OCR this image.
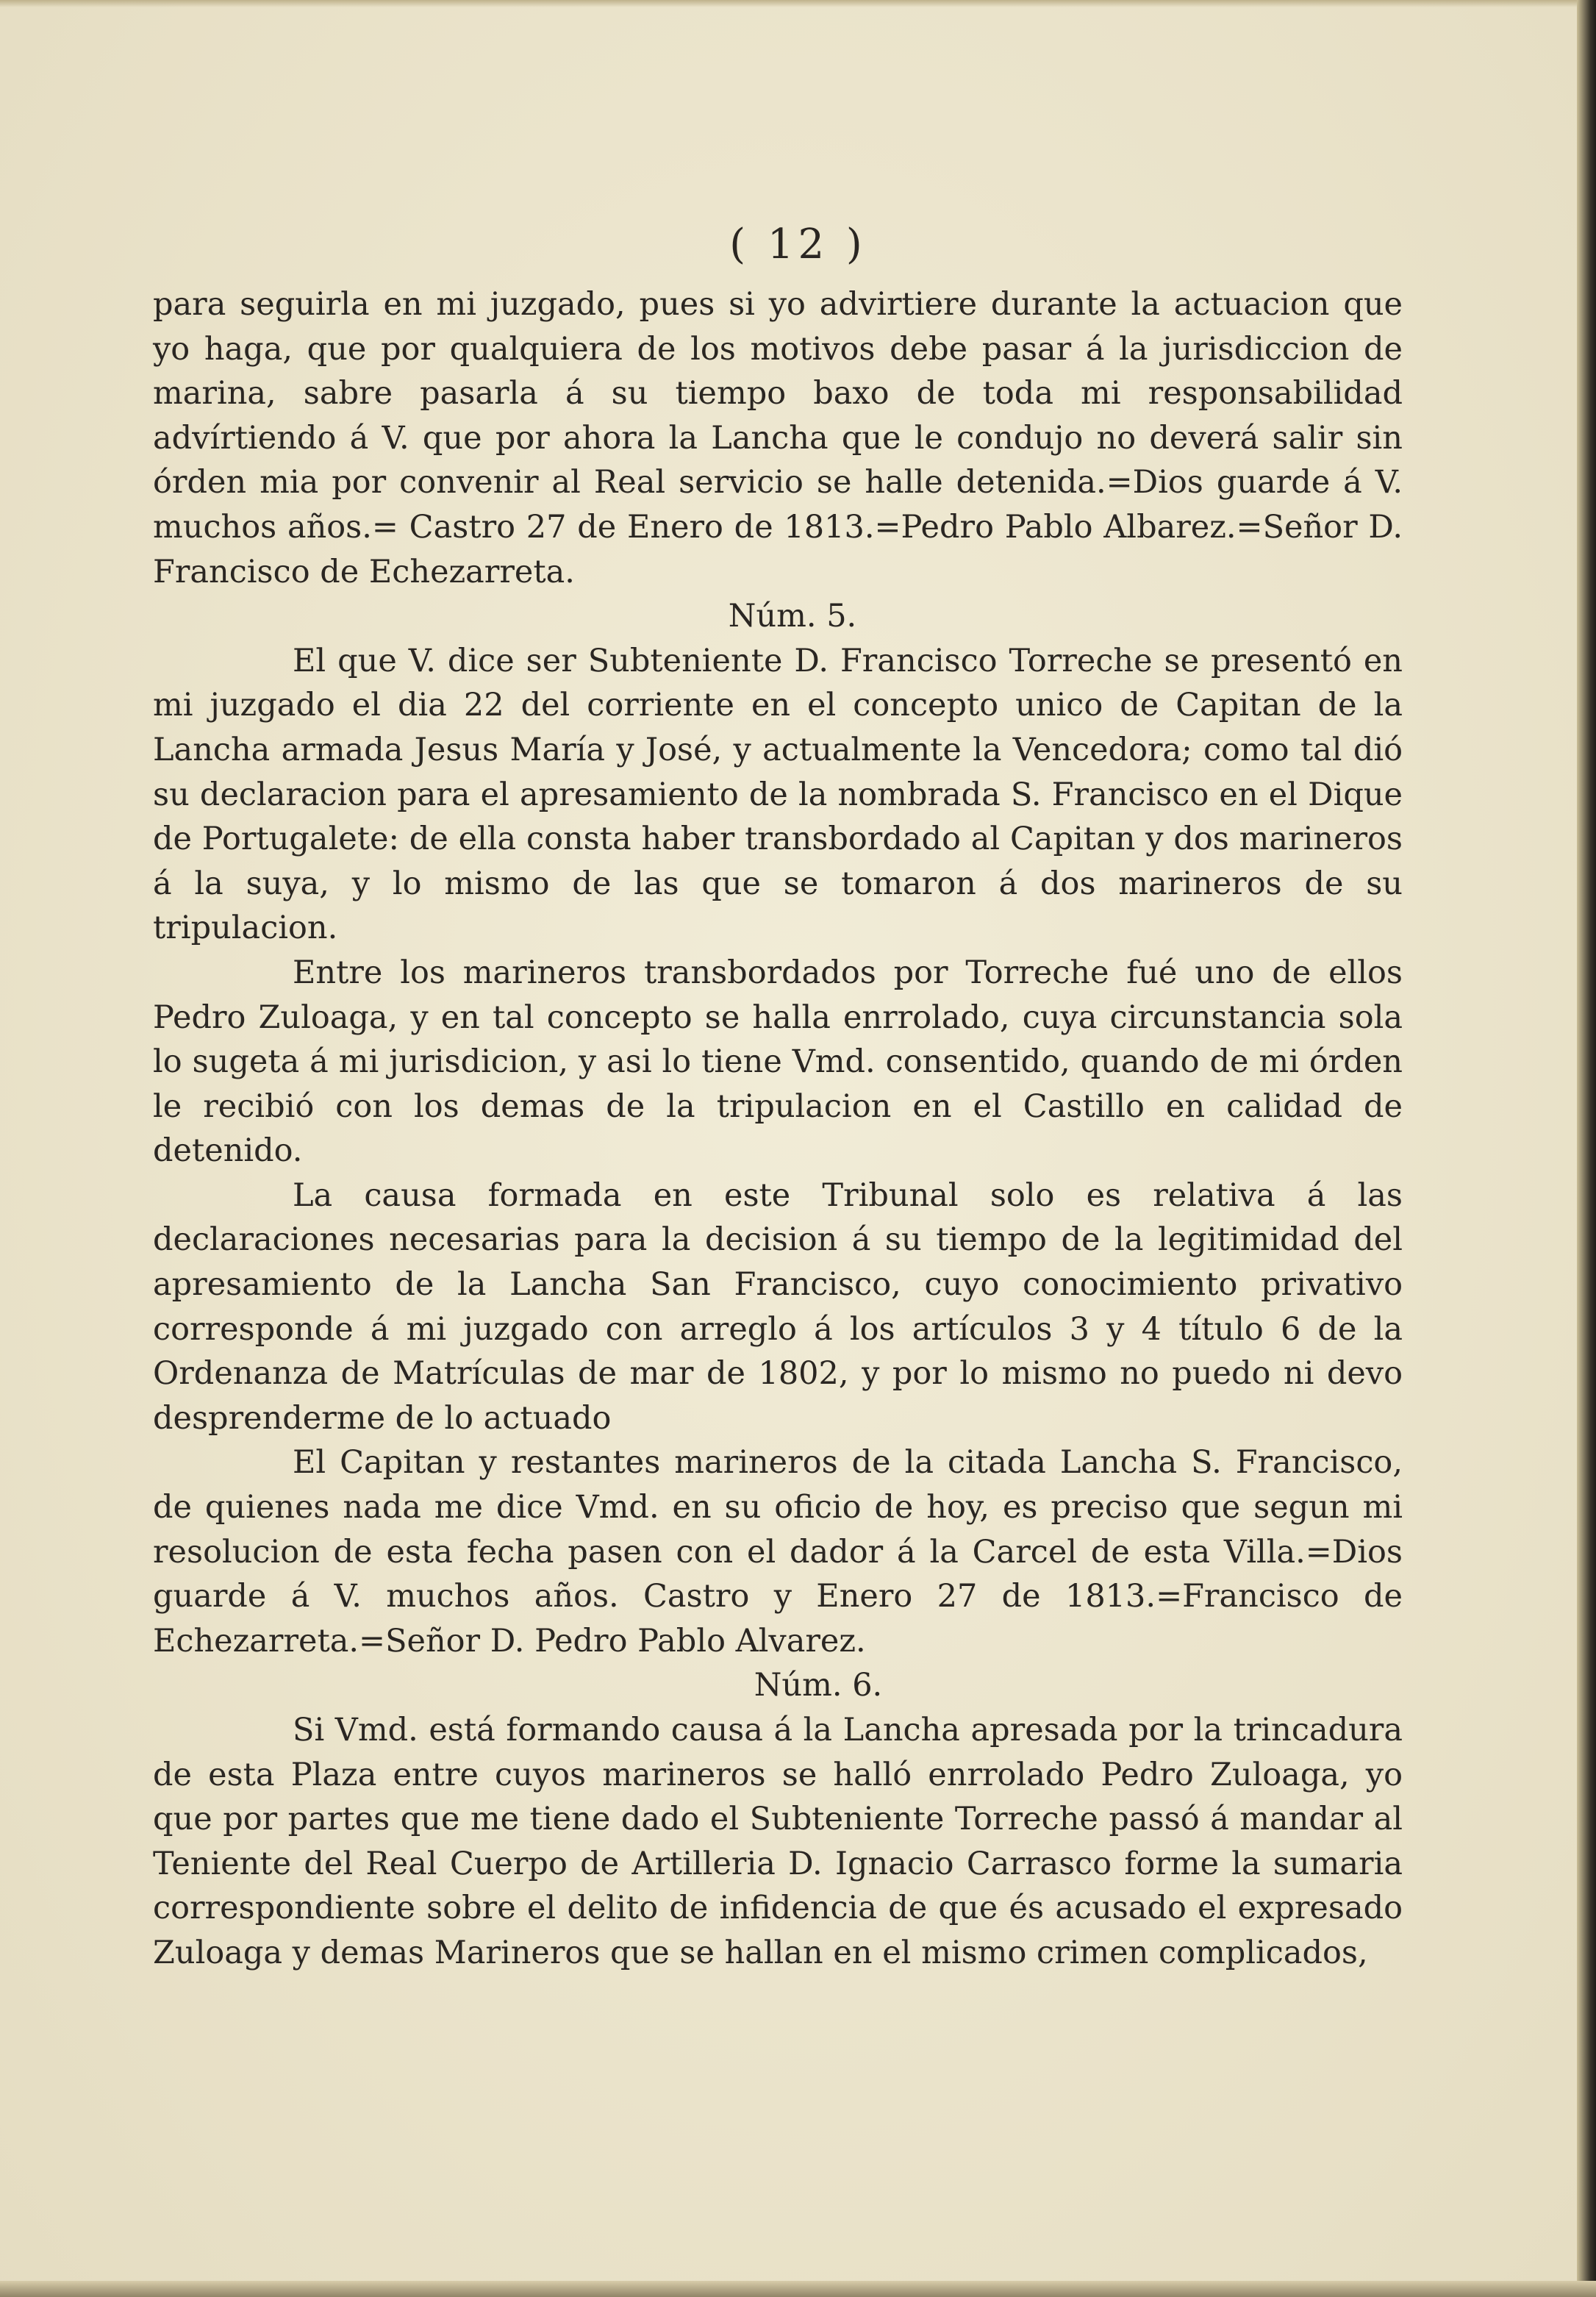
( 12 )

para seguirla en mi juzgado, pues si yo advirtiere durante la actuacion que yo haga, que por qualquiera de los motivos debe pasar á la jurisdiccion de marina, sabre pasarla á su tiempo baxo de toda mi responsabilidad advírtiendo á V. que por ahora la Lancha que le condujo no deverá salir sin órden mia por convenir al Real servicio se halle detenida.=Dios guarde á V. muchos años.= Castro 27 de Enero de 1813.=Pedro Pablo Albarez.=Señor D. Francisco de Echezarreta.

Núm. 5.

El que V. dice ser Subteniente D. Francisco Torreche se presentó en mi juzgado el dia 22 del corriente en el concepto unico de Capitan de la Lancha armada Jesus María y José, y actualmente la Vencedora; como tal dió su declaracion para el apresamiento de la nombrada S. Francisco en el Dique de Portugalete: de ella consta haber transbordado al Capitan y dos marineros á la suya, y lo mismo de las que se tomaron á dos marineros de su tripulacion.

Entre los marineros transbordados por Torreche fué uno de ellos Pedro Zuloaga, y en tal concepto se halla enrrolado, cuya circunstancia sola lo sugeta á mi jurisdicion, y asi lo tiene Vmd. consentido, quando de mi órden le recibió con los demas de la tripulacion en el Castillo en calidad de detenido.

La causa formada en este Tribunal solo es relativa á las declaraciones necesarias para la decision á su tiempo de la legitimidad del apresamiento de la Lancha San Francisco, cuyo conocimiento privativo corresponde á mi juzgado con arreglo á los artículos 3 y 4 título 6 de la Ordenanza de Matrículas de mar de 1802, y por lo mismo no puedo ni devo desprenderme de lo actuado

El Capitan y restantes marineros de la citada Lancha S. Francisco, de quienes nada me dice Vmd. en su oficio de hoy, es preciso que segun mi resolucion de esta fecha pasen con el dador á la Carcel de esta Villa.=Dios guarde á V. muchos años. Castro y Enero 27 de 1813.=Francisco de Echezarreta.=Señor D. Pedro Pablo Alvarez.

Núm. 6.

Si Vmd. está formando causa á la Lancha apresada por la trincadura de esta Plaza entre cuyos marineros se halló enrrolado Pedro Zuloaga, yo que por partes que me tiene dado el Subteniente Torreche passó á mandar al Teniente del Real Cuerpo de Artilleria D. Ignacio Carrasco forme la sumaria correspondiente sobre el delito de infidencia de que és acusado el expresado Zuloaga y demas Marineros que se hallan en el mismo crimen complicados,
